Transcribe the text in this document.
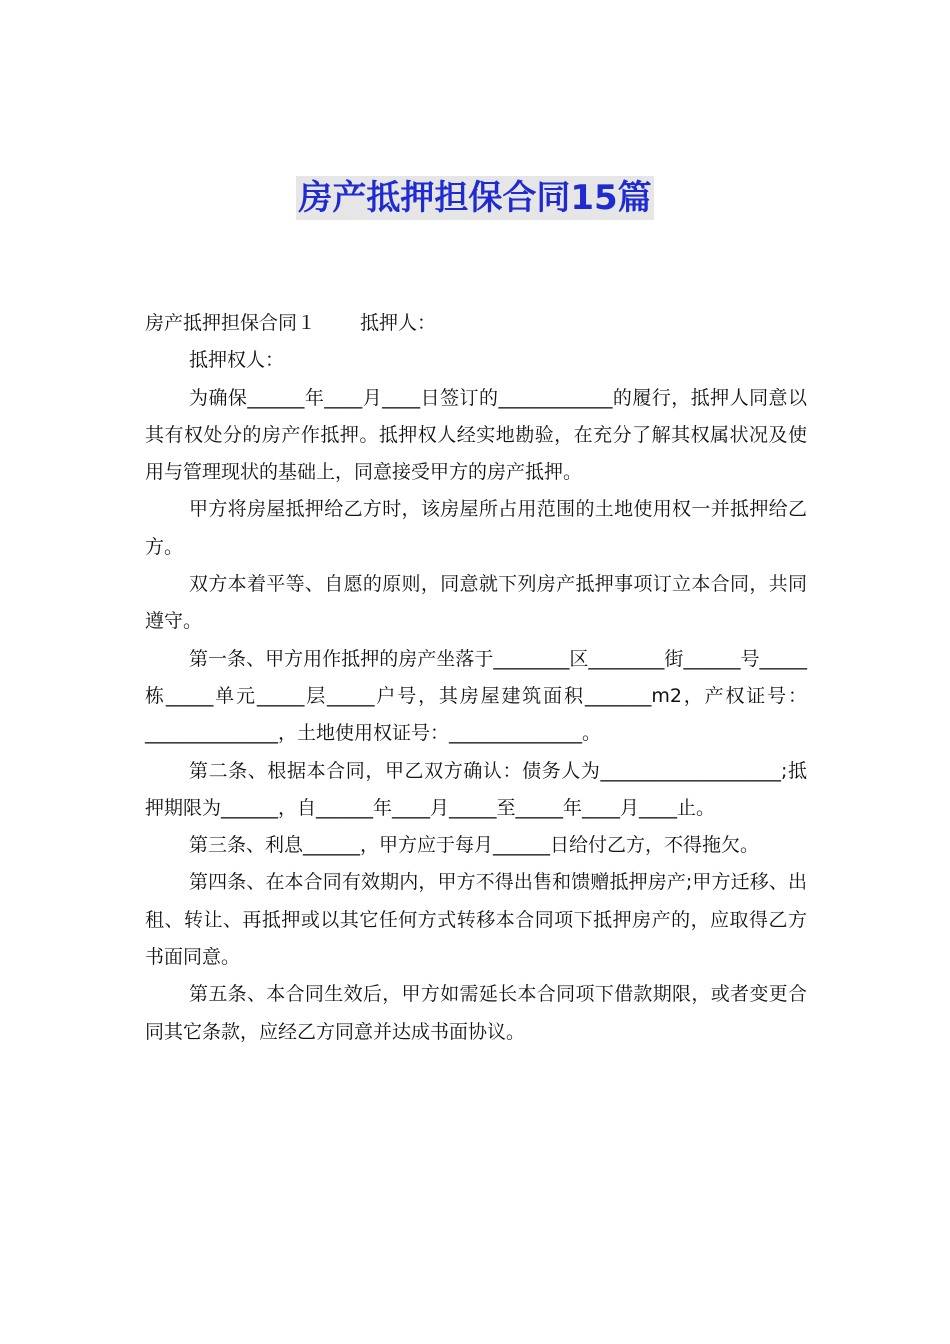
房产抵押担保合同15篇

房产抵押担保合同１ 抵押人：

抵押权人：

为确保______年____月____日签订的____________的履行，抵押人同意以其有权处分的房产作抵押。抵押权人经实地勘验，在充分了解其权属状况及使用与管理现状的基础上，同意接受甲方的房产抵押。

甲方将房屋抵押给乙方时，该房屋所占用范围的土地使用权一并抵押给乙方。

双方本着平等、自愿的原则，同意就下列房产抵押事项订立本合同，共同遵守。

第一条、甲方用作抵押的房产坐落于________区________街______号_____栋_____单元_____层_____户号，其房屋建筑面积_______m2，产权证号：______________，土地使用权证号：______________。

第二条、根据本合同，甲乙双方确认：债务人为___________________;抵押期限为______，自______年____月_____至_____年____月____止。

第三条、利息______，甲方应于每月______日给付乙方，不得拖欠。

第四条、在本合同有效期内，甲方不得出售和馈赠抵押房产;甲方迁移、出租、转让、再抵押或以其它任何方式转移本合同项下抵押房产的，应取得乙方书面同意。

第五条、本合同生效后，甲方如需延长本合同项下借款期限，或者变更合同其它条款，应经乙方同意并达成书面协议。
